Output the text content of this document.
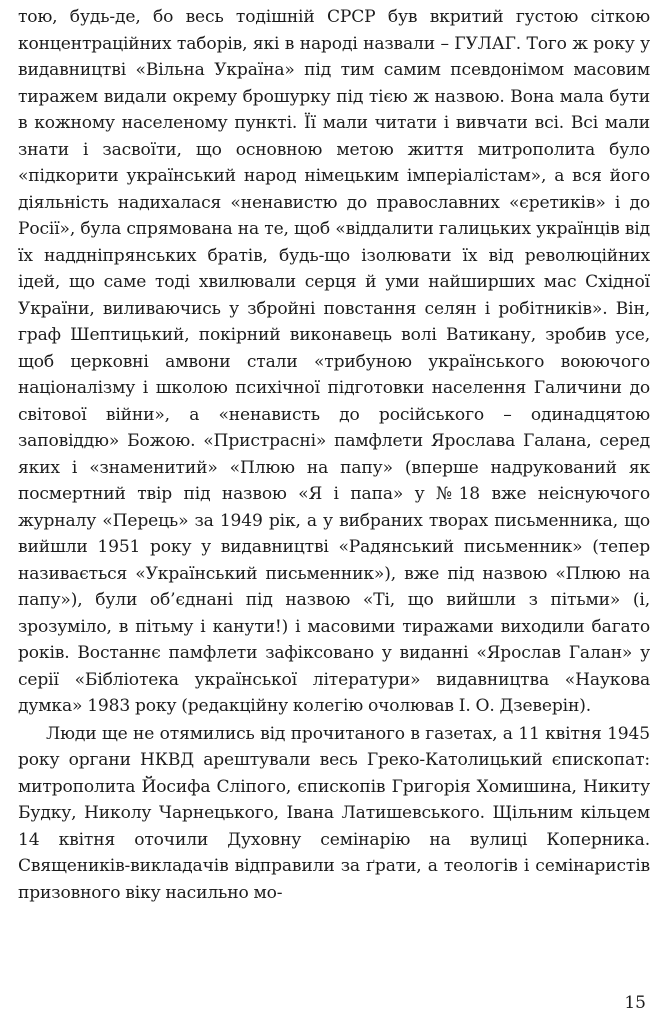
тою, будь-де, бо весь тодішній СРСР був вкритий густою сіткою концентраційних таборів, які в народі назвали – ГУЛАГ. Того ж року у видавництві «Вільна Україна» під тим самим псевдонімом масовим тиражем видали окрему брошурку під тією ж назвою. Вона мала бути в кожному населеному пункті. Її мали читати і вивчати всі. Всі мали знати і засвоїти, що основною метою життя митрополита було «підкорити український народ німецьким імперіалістам», а вся його діяльність надихалася «ненавистю до православних «єретиків» і до Росії», була спрямована на те, щоб «віддалити галицьких українців від їх наддніпрянських братів, будь-що ізолювати їх від революційних ідей, що саме тоді хвилювали серця й уми найширших мас Східної України, виливаючись у збройні повстання селян і робітників». Він, граф Шептицький, покірний виконавець волі Ватикану, зробив усе, щоб церковні амвони стали «трибуною українського воюючого націоналізму і школою психічної підготовки населення Галичини до світової війни», а «ненависть до російського – одинадцятою заповіддю» Божою. «Пристрасні» памфлети Ярослава Галана, серед яких і «знаменитий» «Плюю на папу» (вперше надрукований як посмертний твір під назвою «Я і папа» у №18 вже неіснуючого журналу «Перець» за 1949 рік, а у вибраних творах письменника, що вийшли 1951 року у видавництві «Радянський письменник» (тепер називається «Український письменник»), вже під назвою «Плюю на папу»), були об’єднані під назвою «Ті, що вийшли з пітьми» (і, зрозуміло, в пітьму і канути!) і масовими тиражами виходили багато років. Востаннє памфлети зафіксовано у виданні «Ярослав Галан» у серії «Бібліотека української літератури» видавництва «Наукова думка» 1983 року (редакційну колегію очолював І. О. Дзеверін).

Люди ще не отямились від прочитаного в газетах, а 11 квітня 1945 року органи НКВД арештували весь Греко-Католицький єпископат: митрополита Йосифа Сліпого, єпископів Григорія Хомишина, Никиту Будку, Николу Чарнецького, Івана Латишевського. Щільним кільцем 14 квітня оточили Духовну семінарію на вулиці Коперника. Священиків-викладачів відправили за ґрати, а теологів і семінаристів призовного віку насильно мо-

15
